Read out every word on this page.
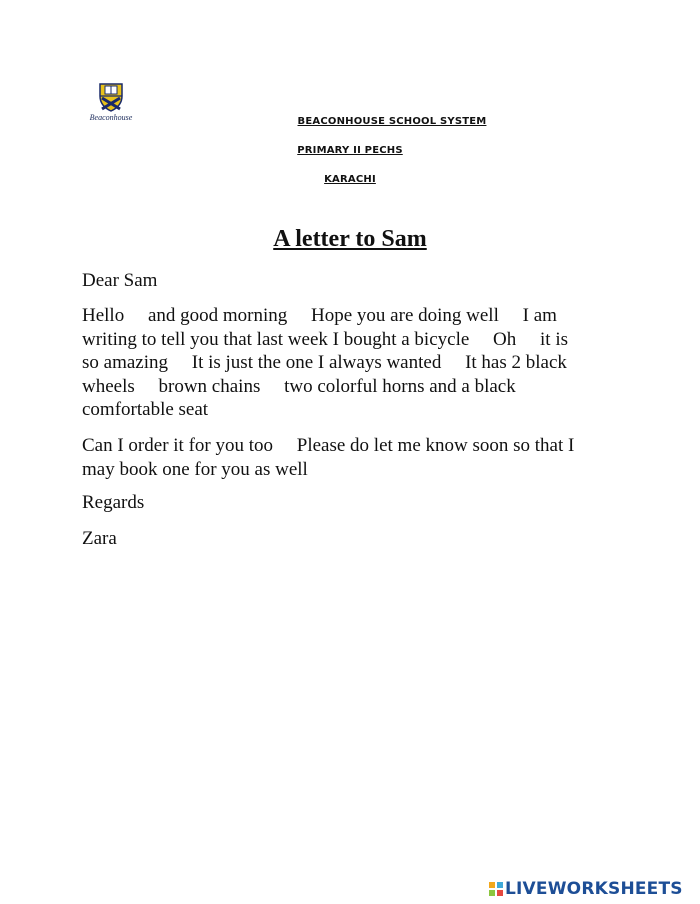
Beaconhouse	BEACONHOUSE SCHOOL SYSTEM
PRIMARY II PECHS
KARACHI
A letter to Sam
Dear Sam
Hello     and good morning     Hope you are doing well     I am
writing to tell you that last week I bought a bicycle     Oh     it is
so amazing     It is just the one I always wanted     It has 2 black
wheels     brown chains     two colorful horns and a black
comfortable seat
Can I order it for you too     Please do let me know soon so that I
may book one for you as well
Regards
Zara
LIVEWORKSHEETS
